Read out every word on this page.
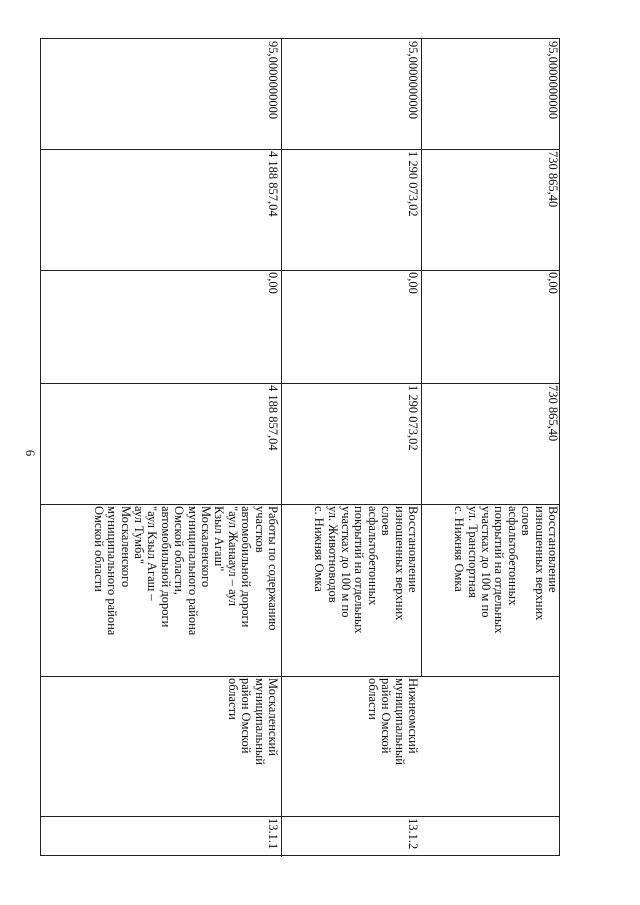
6
13.1.1
Москаленский
муниципальный
район Омской
области
Работы по содержанию
участков
автомобильной дороги
"аул Жанааул – аул
Кзыл Агаш"
Москаленского
муниципального района
Омской области,
автомобильной дороги
"аул Кзыл Агаш –
аул Тумба"
Москаленского
муниципального района
Омской области
4 188 857,04
0,00
4 188 857,04
95,0000000000
13.1.2
Нижнеомский
муниципальный
район Омской
области
Восстановление
изношенных верхних
слоев
асфальтобетонных
покрытий на отдельных
участках до 100 м по
ул. Животноводов
с. Нижняя Омка
1 290 073,02
0,00
1 290 073,02
95,0000000000
Восстановление
изношенных верхних
слоев
асфальтобетонных
покрытий на отдельных
участках до 100 м по
ул. Транспортная
с. Нижняя Омка
730 865,40
0,00
730 865,40
95,0000000000
